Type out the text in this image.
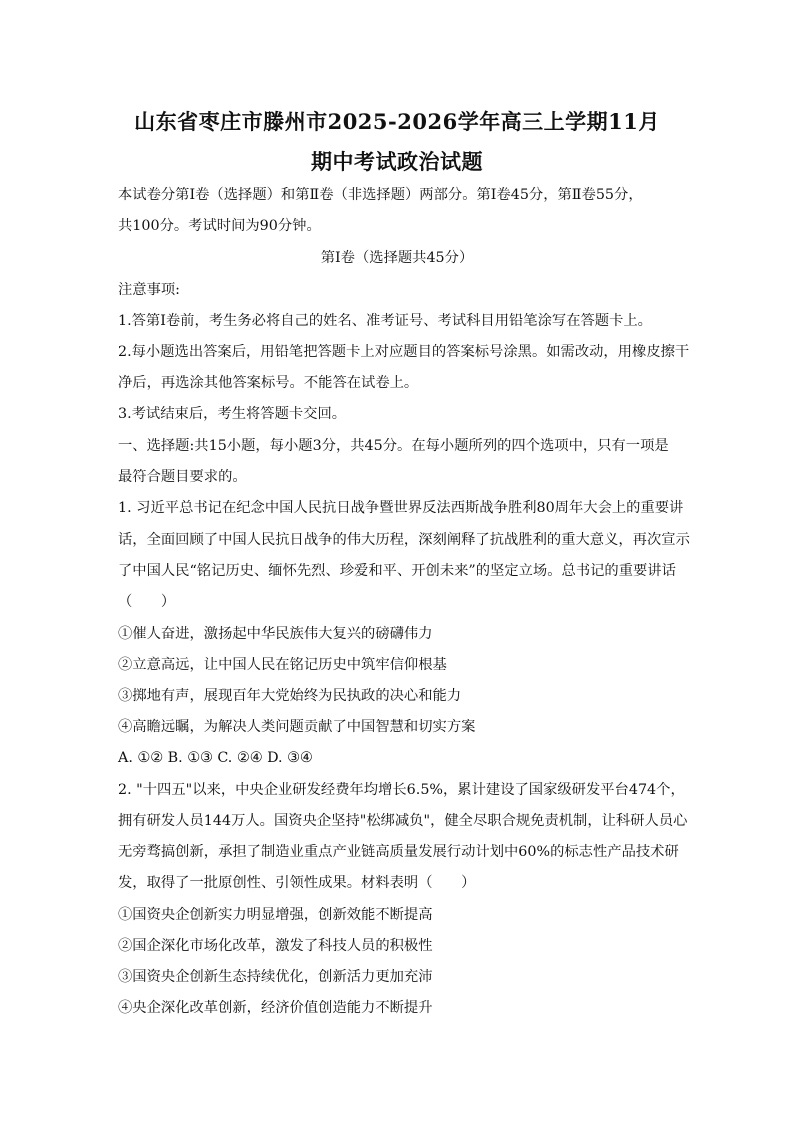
山东省枣庄市滕州市2025-2026学年高三上学期11月
期中考试政治试题
本试卷分第Ⅰ卷（选择题）和第Ⅱ卷（非选择题）两部分。第Ⅰ卷45分，第Ⅱ卷55分，
共100分。考试时间为90分钟。
第Ⅰ卷（选择题共45分）
注意事项:
1.答第Ⅰ卷前，考生务必将自己的姓名、准考证号、考试科目用铅笔涂写在答题卡上。
2.每小题选出答案后，用铅笔把答题卡上对应题目的答案标号涂黑。如需改动，用橡皮擦干
净后，再选涂其他答案标号。不能答在试卷上。
3.考试结束后，考生将答题卡交回。
一、选择题:共15小题，每小题3分，共45分。在每小题所列的四个选项中，只有一项是
最符合题目要求的。
1. 习近平总书记在纪念中国人民抗日战争暨世界反法西斯战争胜利80周年大会上的重要讲
话，全面回顾了中国人民抗日战争的伟大历程，深刻阐释了抗战胜利的重大意义，再次宣示
了中国人民“铭记历史、缅怀先烈、珍爱和平、开创未来”的坚定立场。总书记的重要讲话
（　　）
①催人奋进，激扬起中华民族伟大复兴的磅礴伟力
②立意高远，让中国人民在铭记历史中筑牢信仰根基
③掷地有声，展现百年大党始终为民执政的决心和能力
④高瞻远瞩，为解决人类问题贡献了中国智慧和切实方案
A. ①② B. ①③ C. ②④ D. ③④
2. "十四五"以来，中央企业研发经费年均增长6.5%，累计建设了国家级研发平台474个，
拥有研发人员144万人。国资央企坚持"松绑减负"，健全尽职合规免责机制，让科研人员心
无旁骛搞创新，承担了制造业重点产业链高质量发展行动计划中60%的标志性产品技术研
发，取得了一批原创性、引领性成果。材料表明（　　）
①国资央企创新实力明显增强，创新效能不断提高
②国企深化市场化改革，激发了科技人员的积极性
③国资央企创新生态持续优化，创新活力更加充沛
④央企深化改革创新，经济价值创造能力不断提升
